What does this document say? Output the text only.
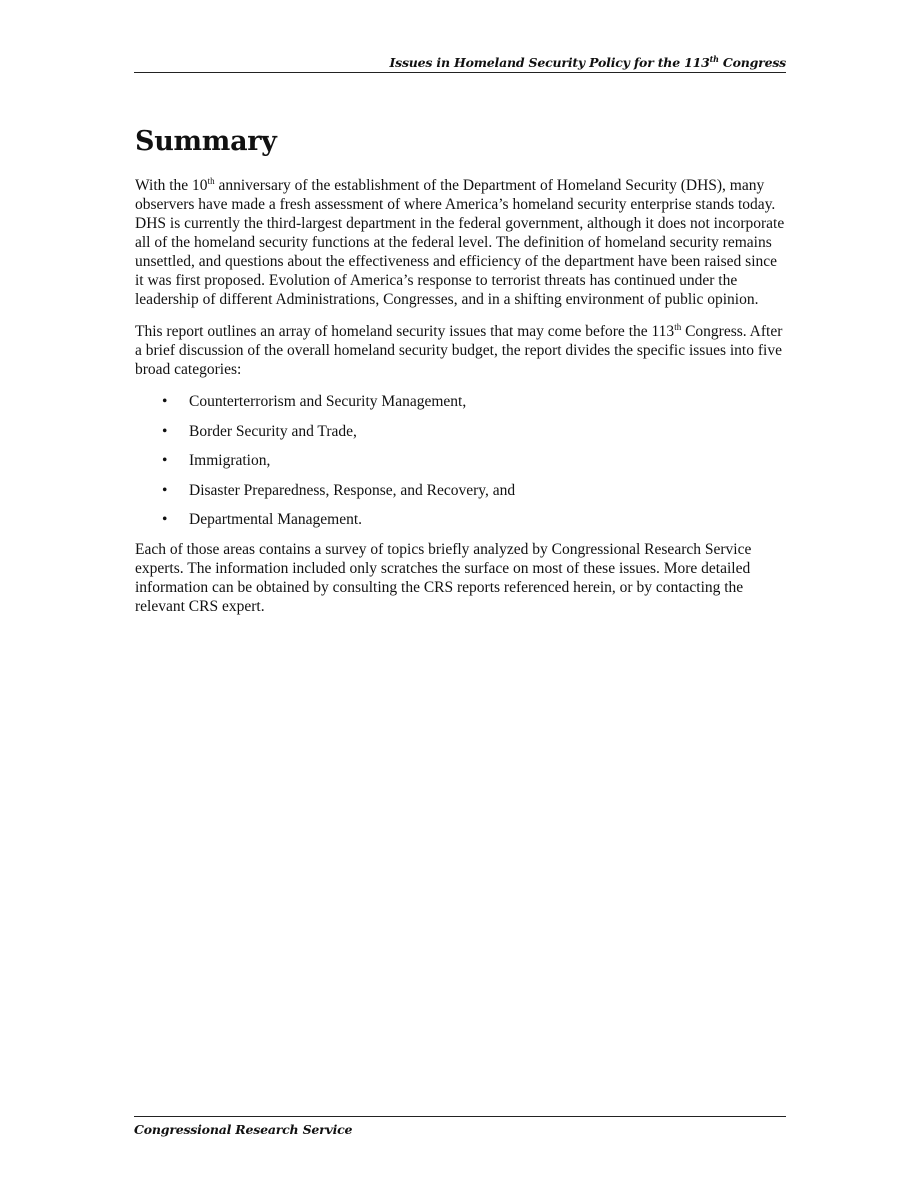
Issues in Homeland Security Policy for the 113th Congress
Summary

With the 10th anniversary of the establishment of the Department of Homeland Security (DHS), many observers have made a fresh assessment of where America’s homeland security enterprise stands today. DHS is currently the third-largest department in the federal government, although it does not incorporate all of the homeland security functions at the federal level. The definition of homeland security remains unsettled, and questions about the effectiveness and efficiency of the department have been raised since it was first proposed. Evolution of America’s response to terrorist threats has continued under the leadership of different Administrations, Congresses, and in a shifting environment of public opinion.

This report outlines an array of homeland security issues that may come before the 113th Congress. After a brief discussion of the overall homeland security budget, the report divides the specific issues into five broad categories:

• Counterterrorism and Security Management,
• Border Security and Trade,
• Immigration,
• Disaster Preparedness, Response, and Recovery, and
• Departmental Management.

Each of those areas contains a survey of topics briefly analyzed by Congressional Research Service experts. The information included only scratches the surface on most of these issues. More detailed information can be obtained by consulting the CRS reports referenced herein, or by contacting the relevant CRS expert.

Congressional Research Service
